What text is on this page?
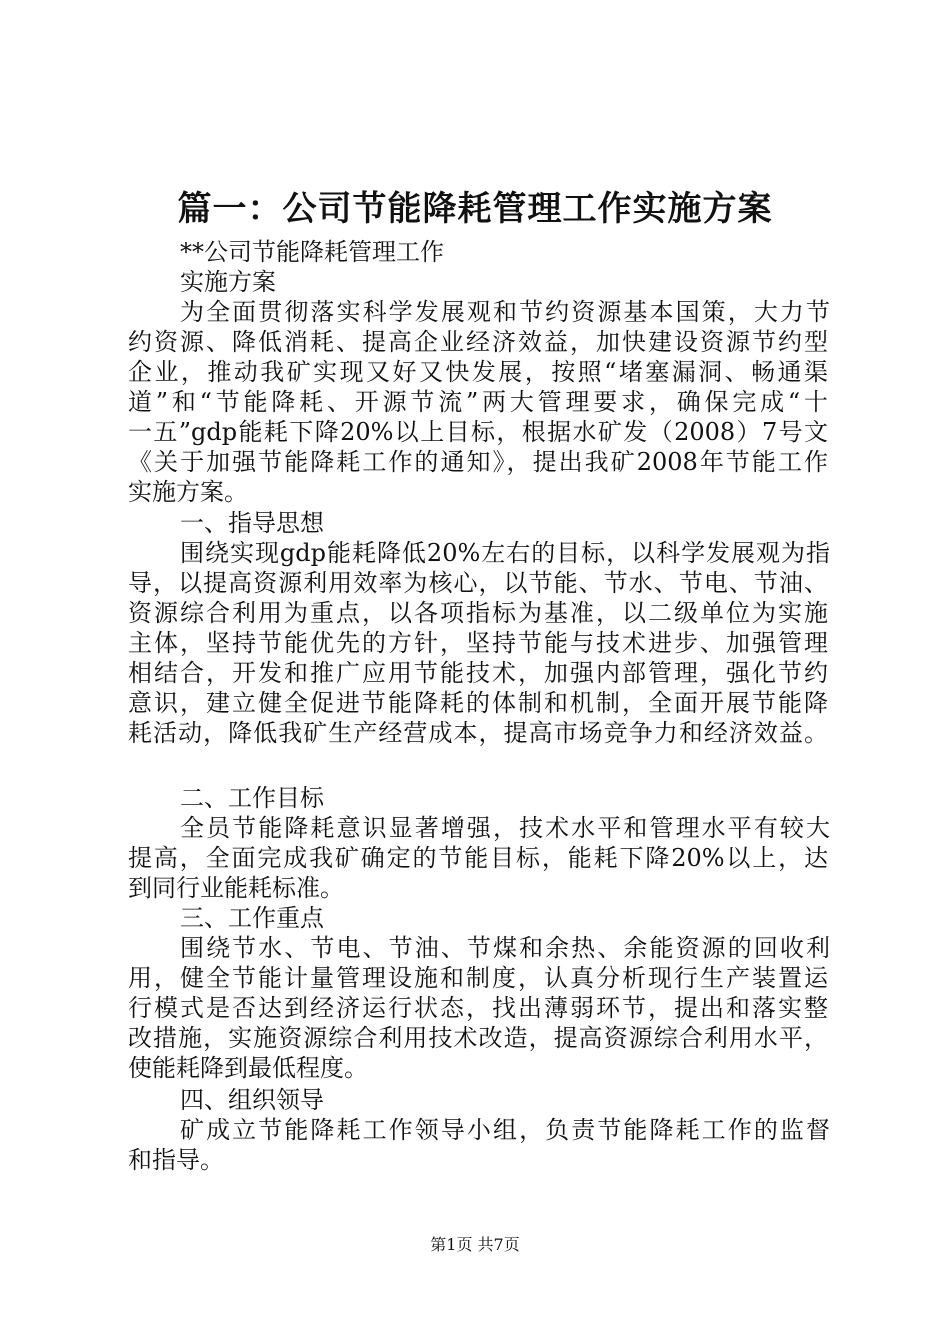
篇一：公司节能降耗管理工作实施方案
**公司节能降耗管理工作
实施方案
为全面贯彻落实科学发展观和节约资源基本国策，大力节
约资源、降低消耗、提高企业经济效益，加快建设资源节约型
企业，推动我矿实现又好又快发展，按照“堵塞漏洞、畅通渠
道”和“节能降耗、开源节流”两大管理要求，确保完成“十
一五”gdp能耗下降20%以上目标，根据水矿发（2008）7号文
《关于加强节能降耗工作的通知》，提出我矿2008年节能工作
实施方案。
一、指导思想
围绕实现gdp能耗降低20%左右的目标，以科学发展观为指
导，以提高资源利用效率为核心，以节能、节水、节电、节油、
资源综合利用为重点，以各项指标为基准，以二级单位为实施
主体，坚持节能优先的方针，坚持节能与技术进步、加强管理
相结合，开发和推广应用节能技术，加强内部管理，强化节约
意识，建立健全促进节能降耗的体制和机制，全面开展节能降
耗活动，降低我矿生产经营成本，提高市场竞争力和经济效益。
二、工作目标
全员节能降耗意识显著增强，技术水平和管理水平有较大
提高，全面完成我矿确定的节能目标，能耗下降20%以上，达
到同行业能耗标准。
三、工作重点
围绕节水、节电、节油、节煤和余热、余能资源的回收利
用，健全节能计量管理设施和制度，认真分析现行生产装置运
行模式是否达到经济运行状态，找出薄弱环节，提出和落实整
改措施，实施资源综合利用技术改造，提高资源综合利用水平，
使能耗降到最低程度。
四、组织领导
矿成立节能降耗工作领导小组，负责节能降耗工作的监督
和指导。
第1页 共7页
